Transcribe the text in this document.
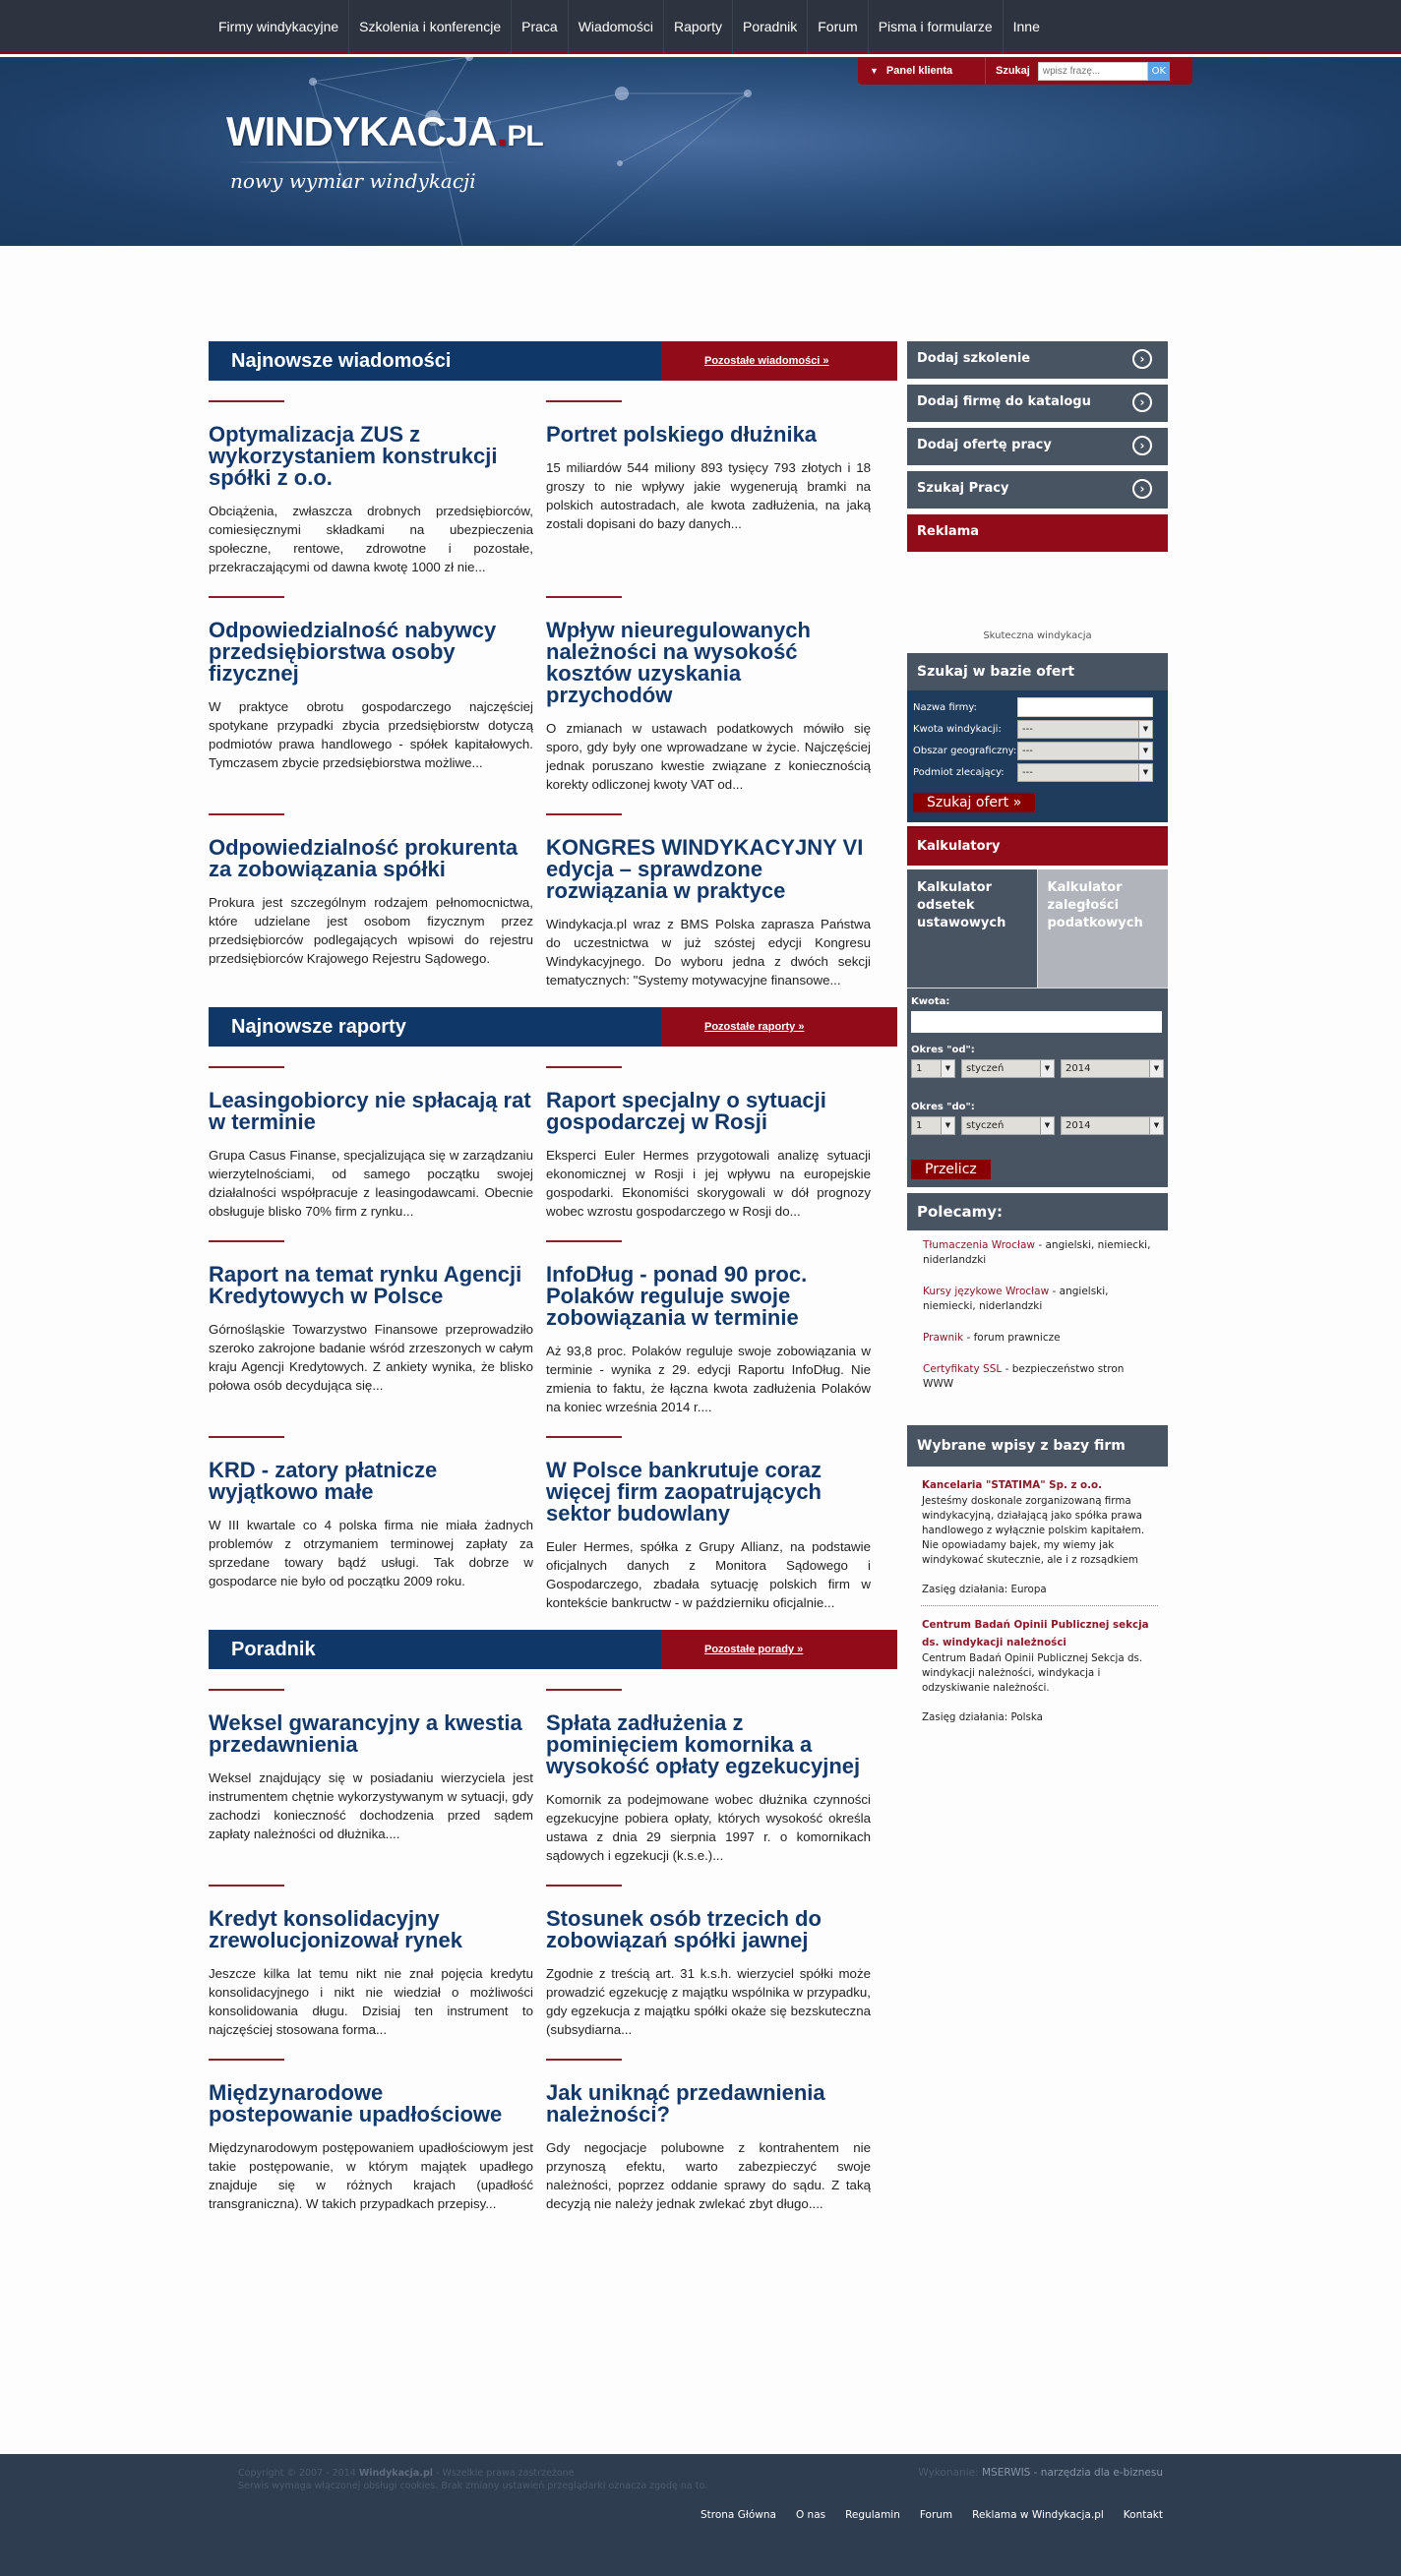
Firmy windykacyjne	Szkolenia i konferencje	Praca	Wiadomości	Raporty	Poradnik	Forum	Pisma i formularze	Inne
▼ Panel klienta	Szukaj
wpisz frazę...	OK
WINDYKACJA.PL
nowy wymiar windykacji
Najnowsze wiadomości	Pozostałe wiadomości »
Optymalizacja ZUS z wykorzystaniem konstrukcji spółki z o.o.

Obciążenia, zwłaszcza drobnych przedsiębiorców, comiesięcznymi składkami na ubezpieczenia społeczne, rentowe, zdrowotne i pozostałe, przekraczającymi od dawna kwotę 1000 zł nie...

Portret polskiego dłużnika

15 miliardów 544 miliony 893 tysięcy 793 złotych i 18 groszy to nie wpływy jakie wygenerują bramki na polskich autostradach, ale kwota zadłużenia, na jaką zostali dopisani do bazy danych...

Odpowiedzialność nabywcy przedsiębiorstwa osoby fizycznej

W praktyce obrotu gospodarczego najczęściej spotykane przypadki zbycia przedsiębiorstw dotyczą podmiotów prawa handlowego - spółek kapitałowych. Tymczasem zbycie przedsiębiorstwa możliwe...

Wpływ nieuregulowanych należności na wysokość kosztów uzyskania przychodów

O zmianach w ustawach podatkowych mówiło się sporo, gdy były one wprowadzane w życie. Najczęściej jednak poruszano kwestie związane z koniecznością korekty odliczonej kwoty VAT od...

Odpowiedzialność prokurenta za zobowiązania spółki

Prokura jest szczególnym rodzajem pełnomocnictwa, które udzielane jest osobom fizycznym przez przedsiębiorców podlegających wpisowi do rejestru przedsiębiorców Krajowego Rejestru Sądowego.

KONGRES WINDYKACYJNY VI edycja – sprawdzone rozwiązania w praktyce

Windykacja.pl wraz z BMS Polska zaprasza Państwa do uczestnictwa w już szóstej edycji Kongresu Windykacyjnego. Do wyboru jedna z dwóch sekcji tematycznych: "Systemy motywacyjne finansowe...

Najnowsze raporty	Pozostałe raporty »
Leasingobiorcy nie spłacają rat w terminie

Grupa Casus Finanse, specjalizująca się w zarządzaniu wierzytelnościami, od samego początku swojej działalności współpracuje z leasingodawcami. Obecnie obsługuje blisko 70% firm z rynku...

Raport specjalny o sytuacji gospodarczej w Rosji

Eksperci Euler Hermes przygotowali analizę sytuacji ekonomicznej w Rosji i jej wpływu na europejskie gospodarki. Ekonomiści skorygowali w dół prognozy wobec wzrostu gospodarczego w Rosji do...

Raport na temat rynku Agencji Kredytowych w Polsce

Górnośląskie Towarzystwo Finansowe przeprowadziło szeroko zakrojone badanie wśród zrzeszonych w całym kraju Agencji Kredytowych. Z ankiety wynika, że blisko połowa osób decydująca się...

InfoDług - ponad 90 proc. Polaków reguluje swoje zobowiązania w terminie

Aż 93,8 proc. Polaków reguluje swoje zobowiązania w terminie - wynika z 29. edycji Raportu InfoDług. Nie zmienia to faktu, że łączna kwota zadłużenia Polaków na koniec września 2014 r....

KRD - zatory płatnicze wyjątkowo małe

W III kwartale co 4 polska firma nie miała żadnych problemów z otrzymaniem terminowej zapłaty za sprzedane towary bądź usługi. Tak dobrze w gospodarce nie było od początku 2009 roku.

W Polsce bankrutuje coraz więcej firm zaopatrujących sektor budowlany

Euler Hermes, spółka z Grupy Allianz, na podstawie oficjalnych danych z Monitora Sądowego i Gospodarczego, zbadała sytuację polskich firm w kontekście bankructw - w październiku oficjalnie...

Poradnik	Pozostałe porady »
Weksel gwarancyjny a kwestia przedawnienia

Weksel znajdujący się w posiadaniu wierzyciela jest instrumentem chętnie wykorzystywanym w sytuacji, gdy zachodzi konieczność dochodzenia przed sądem zapłaty należności od dłużnika....

Spłata zadłużenia z pominięciem komornika a wysokość opłaty egzekucyjnej

Komornik za podejmowane wobec dłużnika czynności egzekucyjne pobiera opłaty, których wysokość określa ustawa z dnia 29 sierpnia 1997 r. o komornikach sądowych i egzekucji (k.s.e.)...

Kredyt konsolidacyjny zrewolucjonizował rynek

Jeszcze kilka lat temu nikt nie znał pojęcia kredytu konsolidacyjnego i nikt nie wiedział o możliwości konsolidowania długu. Dzisiaj ten instrument to najczęściej stosowana forma...

Stosunek osób trzecich do zobowiązań spółki jawnej

Zgodnie z treścią art. 31 k.s.h. wierzyciel spółki może prowadzić egzekucję z majątku wspólnika w przypadku, gdy egzekucja z majątku spółki okaże się bezskuteczna (subsydiarna...

Międzynarodowe postepowanie upadłościowe

Międzynarodowym postępowaniem upadłościowym jest takie postępowanie, w którym majątek upadłego znajduje się w różnych krajach (upadłość transgraniczna). W takich przypadkach przepisy...

Jak uniknąć przedawnienia należności?

Gdy negocjacje polubowne z kontrahentem nie przynoszą efektu, warto zabezpieczyć swoje należności, poprzez oddanie sprawy do sądu. Z taką decyzją nie należy jednak zwlekać zbyt długo....

Dodaj szkolenie	›
Dodaj firmę do katalogu	›
Dodaj ofertę pracy	›
Szukaj Pracy	›
Reklama
Skuteczna windykacja
Szukaj w bazie ofert
Nazwa firmy:
Kwota windykacji:	---	▼
Obszar geograficzny: ---	▼
Podmiot zlecający:	---	▼
Szukaj ofert »
Kalkulatory
Kalkulator odsetek ustawowych
Kalkulator zaległości podatkowych
Kwota:
Okres "od":
1	▼	styczeń	▼	2014	▼
Okres "do":
1	▼	styczeń	▼	2014	▼
Przelicz
Polecamy:
Tłumaczenia Wrocław - angielski, niemiecki, niderlandzki
Kursy językowe Wrocław - angielski, niemiecki, niderlandzki
Prawnik - forum prawnicze
Certyfikaty SSL - bezpieczeństwo stron WWW
Wybrane wpisy z bazy firm
Kancelaria "STATIMA" Sp. z o.o.
Jesteśmy doskonale zorganizowaną firma windykacyjną, działającą jako spółka prawa handlowego z wyłącznie polskim kapitałem. Nie opowiadamy bajek, my wiemy jak windykować skutecznie, ale i z rozsądkiem
Zasięg działania: Europa
Centrum Badań Opinii Publicznej sekcja ds. windykacji należności
Centrum Badań Opinii Publicznej Sekcja ds. windykacji należności, windykacja i odzyskiwanie należności.
Zasięg działania: Polska
Copyright © 2007 - 2014 Windykacja.pl - Wszelkie prawa zastrzeżone
Serwis wymaga włączonej obsługi cookies. Brak zmiany ustawień przeglądarki oznacza zgodę na to.
Wykonanie: MSERWIS - narzędzia dla e-biznesu
Strona Główna O nas Regulamin Forum Reklama w Windykacja.pl Kontakt
